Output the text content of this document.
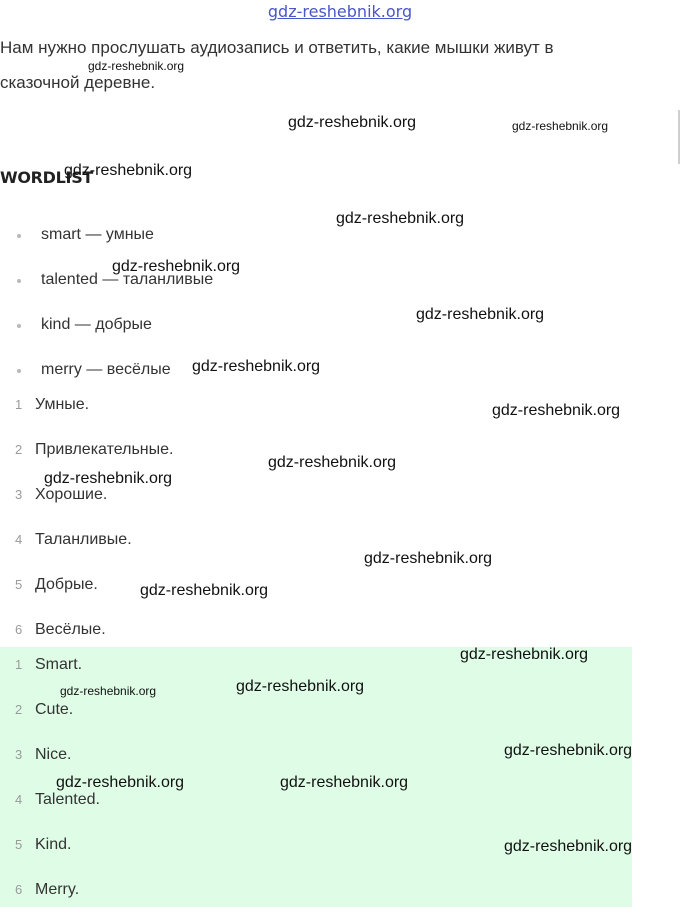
gdz-reshebnik.org
Нам нужно прослушать аудиозапись и ответить, какие мышки живут в сказочной деревне.
WORDLIST
smart — умные
talented — таланливые
kind — добрые
merry — весёлые
1 Умные.
2 Привлекательные.
3 Хорошие.
4 Таланливые.
5 Добрые.
6 Весёлые.
1 Smart.
2 Cute.
3 Nice.
4 Talented.
5 Kind.
6 Merry.
gdz-reshebnik.org
gdz-reshebnik.org	gdz-reshebnik.org
gdz-reshebnik.org
gdz-reshebnik.org
gdz-reshebnik.org
gdz-reshebnik.org
gdz-reshebnik.org
gdz-reshebnik.org
gdz-reshebnik.org
gdz-reshebnik.org
gdz-reshebnik.org
gdz-reshebnik.org
gdz-reshebnik.org
gdz-reshebnik.org	gdz-reshebnik.org
gdz-reshebnik.org
gdz-reshebnik.org	gdz-reshebnik.org
gdz-reshebnik.org
